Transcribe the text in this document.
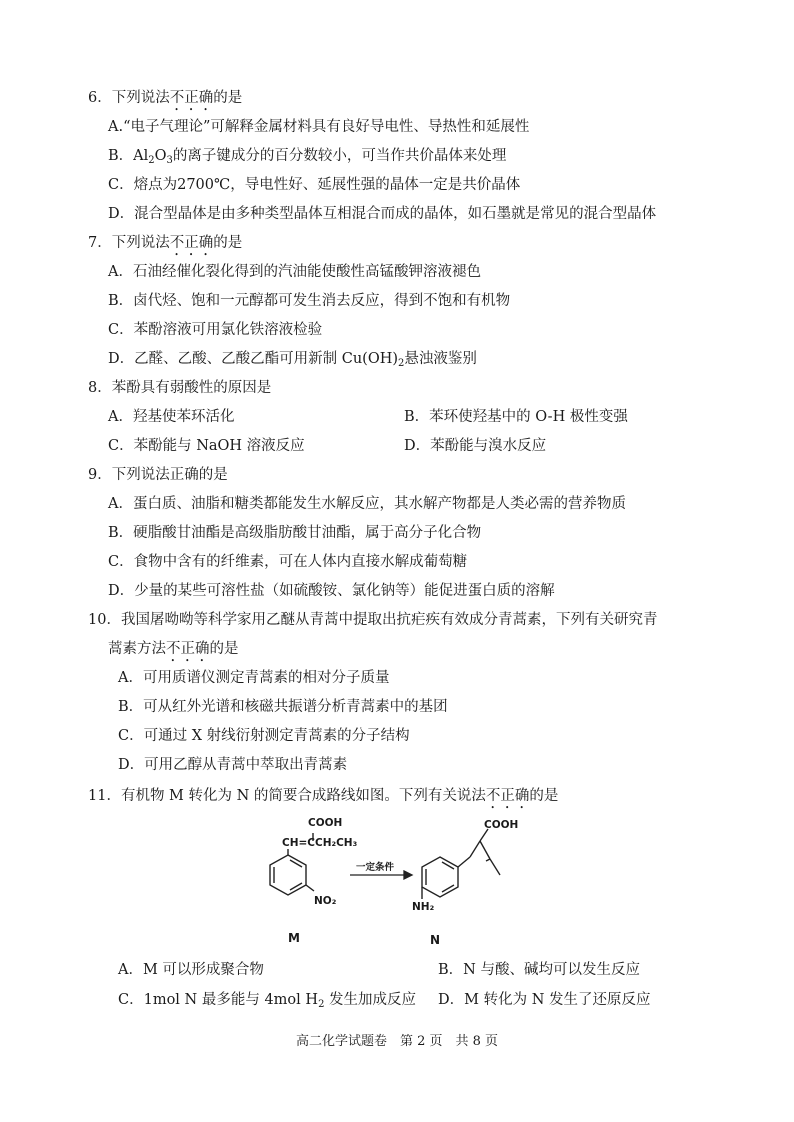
6．下列说法不正确的是
A.“电子气理论”可解释金属材料具有良好导电性、导热性和延展性
B．$Al_2O_3$的离子键成分的百分数较小，可当作共价晶体来处理
C．熔点为2700℃，导电性好、延展性强的晶体一定是共价晶体
D．混合型晶体是由多种类型晶体互相混合而成的晶体，如石墨就是常见的混合型晶体
7．下列说法不正确的是
A．石油经催化裂化得到的汽油能使酸性高锰酸钾溶液褪色
B．卤代烃、饱和一元醇都可发生消去反应，得到不饱和有机物
C．苯酚溶液可用氯化铁溶液检验
D．乙醛、乙酸、乙酸乙酯可用新制 $Cu(OH)_2$悬浊液鉴别
8．苯酚具有弱酸性的原因是
A．羟基使苯环活化	B．苯环使羟基中的 O-H 极性变强
C．苯酚能与 NaOH 溶液反应	D．苯酚能与溴水反应
9．下列说法正确的是
A．蛋白质、油脂和糖类都能发生水解反应，其水解产物都是人类必需的营养物质
B．硬脂酸甘油酯是高级脂肪酸甘油酯，属于高分子化合物
C．食物中含有的纤维素，可在人体内直接水解成葡萄糖
D．少量的某些可溶性盐（如硫酸铵、氯化钠等）能促进蛋白质的溶解
10．我国屠呦呦等科学家用乙醚从青蒿中提取出抗疟疾有效成分青蒿素，下列有关研究青
蒿素方法不正确的是
A．可用质谱仪测定青蒿素的相对分子质量
B．可从红外光谱和核磁共振谱分析青蒿素中的基团
C．可通过 X 射线衍射测定青蒿素的分子结构
D．可用乙醇从青蒿中萃取出青蒿素
11．有机物 M 转化为 N 的简要合成路线如图。下列有关说法不正确的是
COOH
CH=CCH₂CH₃
NO₂
一定条件
COOH
NH₂
M	N
A．M 可以形成聚合物	B．N 与酸、碱均可以发生反应
C．1mol N 最多能与 4mol $H_2$ 发生加成反应 D．M 转化为 N 发生了还原反应
高二化学试题卷　第 2 页　共 8 页
